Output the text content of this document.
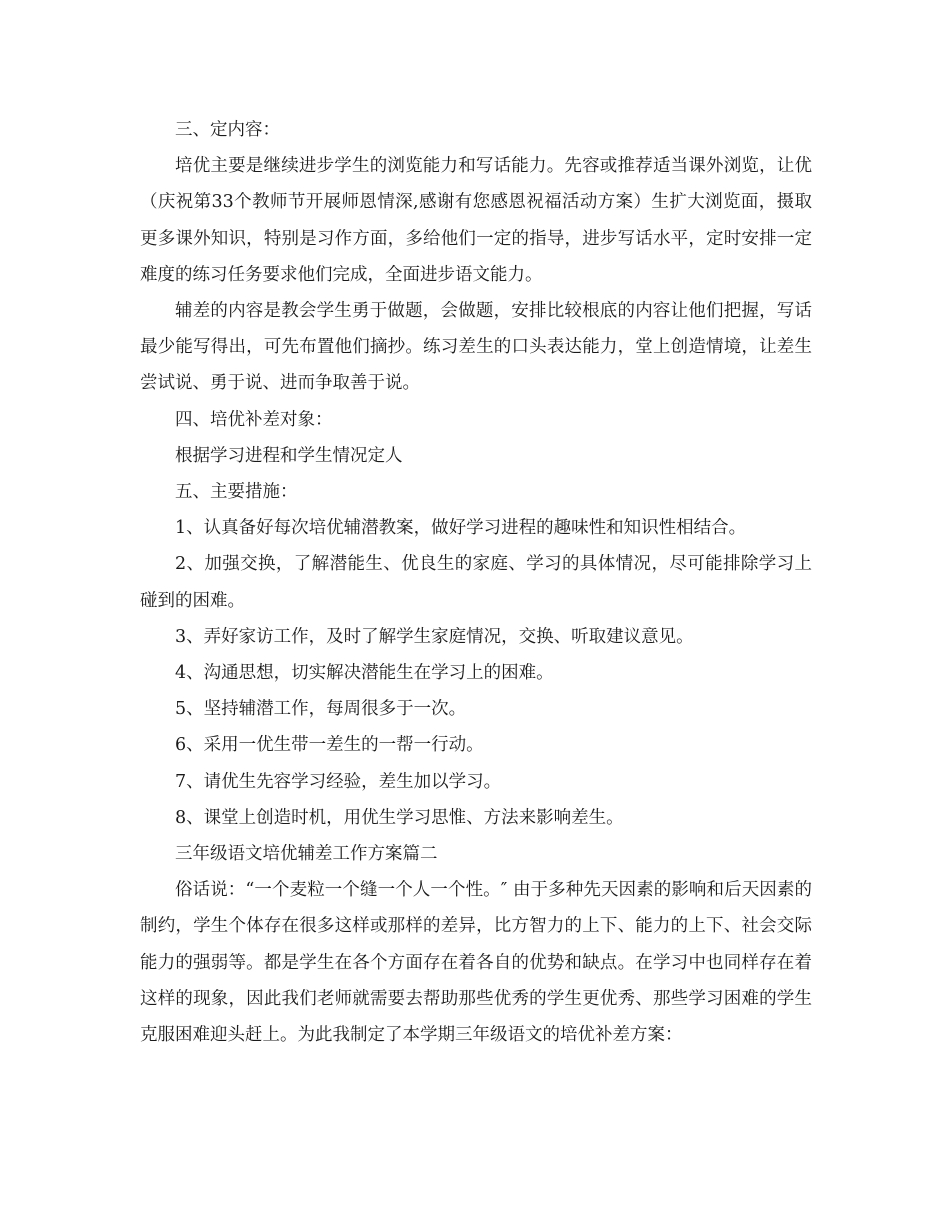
三、定内容：

培优主要是继续进步学生的浏览能力和写话能力。先容或推荐适当课外浏览，让优（庆祝第33个教师节开展师恩情深,感谢有您感恩祝福活动方案）生扩大浏览面，摄取更多课外知识，特别是习作方面，多给他们一定的指导，进步写话水平，定时安排一定难度的练习任务要求他们完成，全面进步语文能力。

辅差的内容是教会学生勇于做题，会做题，安排比较根底的内容让他们把握，写话最少能写得出，可先布置他们摘抄。练习差生的口头表达能力，堂上创造情境，让差生尝试说、勇于说、进而争取善于说。

四、培优补差对象：

根据学习进程和学生情况定人

五、主要措施：

1、认真备好每次培优辅潜教案，做好学习进程的趣味性和知识性相结合。

2、加强交换，了解潜能生、优良生的家庭、学习的具体情况，尽可能排除学习上碰到的困难。

3、弄好家访工作，及时了解学生家庭情况，交换、听取建议意见。

4、沟通思想，切实解决潜能生在学习上的困难。

5、坚持辅潜工作，每周很多于一次。

6、采用一优生带一差生的一帮一行动。

7、请优生先容学习经验，差生加以学习。

8、课堂上创造时机，用优生学习思惟、方法来影响差生。

三年级语文培优辅差工作方案篇二

俗话说：“一个麦粒一个缝一个人一个性。″ 由于多种先天因素的影响和后天因素的制约，学生个体存在很多这样或那样的差异，比方智力的上下、能力的上下、社会交际能力的强弱等。都是学生在各个方面存在着各自的优势和缺点。在学习中也同样存在着这样的现象，因此我们老师就需要去帮助那些优秀的学生更优秀、那些学习困难的学生克服困难迎头赶上。为此我制定了本学期三年级语文的培优补差方案：
